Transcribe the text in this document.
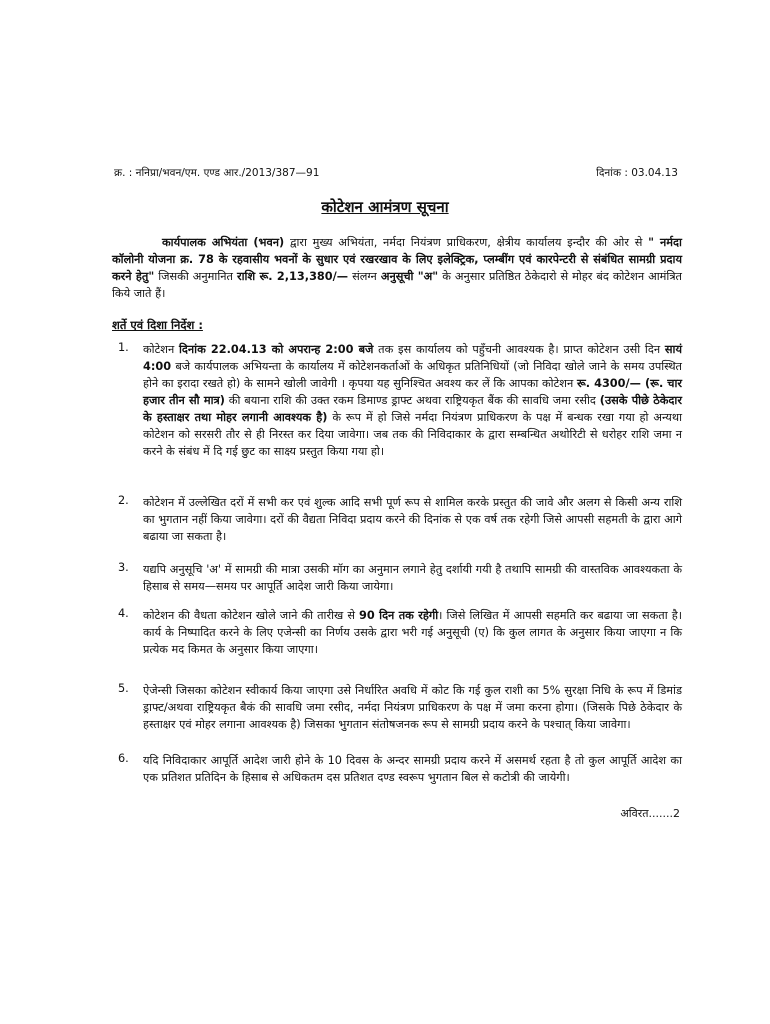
क्र. : ननिप्रा/भवन/एम. एण्ड आर./2013/387—91	दिनांक : 03.04.13
कोटेशन आमंत्रण सूचना
कार्यपालक अभियंता (भवन) द्वारा मुख्य अभियंता, नर्मदा नियंत्रण प्राधिकरण, क्षेत्रीय कार्यालय इन्दौर की ओर से " नर्मदा कॉलोनी योजना क्र. 78 के रहवासीय भवनों के सुधार एवं रखरखाव के लिए इलेक्ट्रिक, प्लम्बींग एवं कारपेन्टरी से संबंधित सामग्री प्रदाय करने हेतु" जिसकी अनुमानित राशि रू. 2,13,380/— संलग्न अनुसूची "अ" के अनुसार प्रतिष्ठित ठेकेदारो से मोहर बंद कोटेशन आमंत्रित किये जाते हैं।
शर्ते एवं दिशा निर्देश :
1. कोटेशन दिनांक 22.04.13 को अपरान्ह 2:00 बजे तक इस कार्यालय को पहुँचनी आवश्यक है। प्राप्त कोटेशन उसी दिन सायं 4:00 बजे कार्यपालक अभियन्ता के कार्यालय में कोटेशनकर्ताओं के अधिकृत प्रतिनिधियों (जो निविदा खोले जाने के समय उपस्थित होने का इरादा रखते हो) के सामने खोली जावेगी । कृपया यह सुनिश्चित अवश्य कर लें कि आपका कोटेशन रू. 4300/— (रू. चार हजार तीन सौ मात्र) की बयाना राशि की उक्त रकम डिमाण्ड ड्राफ्ट अथवा राष्ट्रियकृत बैंक की सावधि जमा रसीद (उसके पीछे ठेकेदार के हस्ताक्षर तथा मोहर लगानी आवश्यक है) के रूप में हो जिसे नर्मदा नियंत्रण प्राधिकरण के पक्ष में बन्धक रखा गया हो अन्यथा कोटेशन को सरसरी तौर से ही निरस्त कर दिया जावेगा। जब तक की निविदाकार के द्वारा सम्बन्धित अथोरिटी से धरोहर राशि जमा न करने के संबंध में दि गई छुट का साक्ष्य प्रस्तुत किया गया हो।
2. कोटेशन में उल्लेखित दरों में सभी कर एवं शुल्क आदि सभी पूर्ण रूप से शामिल करके प्रस्तुत की जावे और अलग से किसी अन्य राशि का भुगतान नहीं किया जावेगा। दरों की वैद्यता निविदा प्रदाय करने की दिनांक से एक वर्ष तक रहेगी जिसे आपसी सहमती के द्वारा आगे बढाया जा सकता है।
3. यद्यपि अनुसूचि 'अ' में सामग्री की मात्रा उसकी मॉग का अनुमान लगाने हेतु दर्शायी गयी है तथापि सामग्री की वास्तविक आवश्यकता के हिसाब से समय—समय पर आपूर्ति आदेश जारी किया जायेगा।
4. कोटेशन की वैधता कोटेशन खोले जाने की तारीख से 90 दिन तक रहेगी। जिसे लिखित में आपसी सहमति कर बढाया जा सकता है। कार्य के निष्पादित करने के लिए एजेन्सी का निर्णय उसके द्वारा भरी गई अनुसूची (ए) कि कुल लागत के अनुसार किया जाएगा न कि प्रत्येक मद किमत के अनुसार किया जाएगा।
5. ऐजेन्सी जिसका कोटेशन स्वीकार्य किया जाएगा उसे निर्धारित अवधि में कोट कि गई कुल राशी का 5% सुरक्षा निधि के रूप में डिमांड ड्राफ्ट/अथवा राष्ट्रियकृत बैकं की सावधि जमा रसीद, नर्मदा नियंत्रण प्राधिकरण के पक्ष में जमा करना होगा। (जिसके पिछे ठेकेदार के हस्ताक्षर एवं मोहर लगाना आवश्यक है) जिसका भुगतान संतोषजनक रूप से सामग्री प्रदाय करने के पश्चात् किया जावेगा।
6. यदि निविदाकार आपूर्ति आदेश जारी होने के 10 दिवस के अन्दर सामग्री प्रदाय करने में असमर्थ रहता है तो कुल आपूर्ति आदेश का एक प्रतिशत प्रतिदिन के हिसाब से अधिकतम दस प्रतिशत दण्ड स्वरूप भुगतान बिल से कटोत्री की जायेगी।
अविरत.......2
